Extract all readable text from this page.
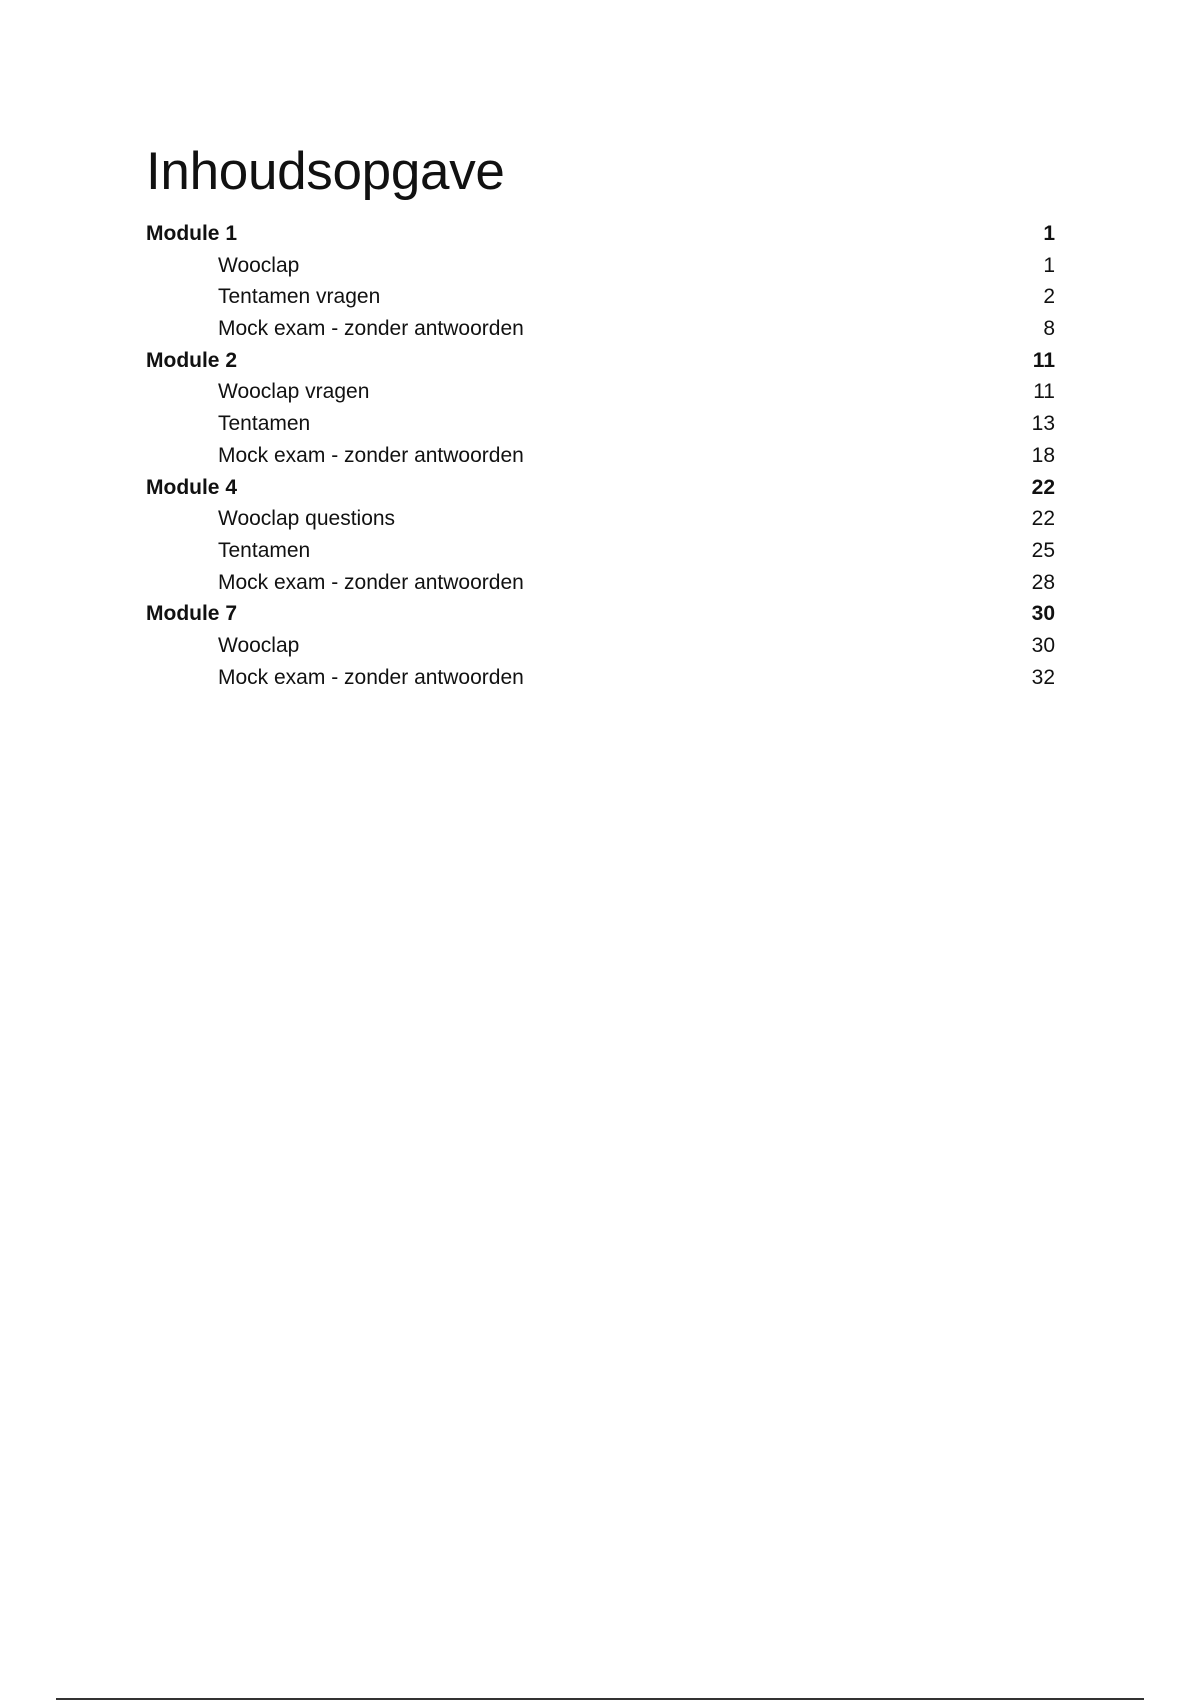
Inhoudsopgave
Module 1	1
Wooclap	1
Tentamen vragen	2
Mock exam - zonder antwoorden	8
Module 2	11
Wooclap vragen	11
Tentamen	13
Mock exam - zonder antwoorden	18
Module 4	22
Wooclap questions	22
Tentamen	25
Mock exam - zonder antwoorden	28
Module 7	30
Wooclap	30
Mock exam - zonder antwoorden	32
